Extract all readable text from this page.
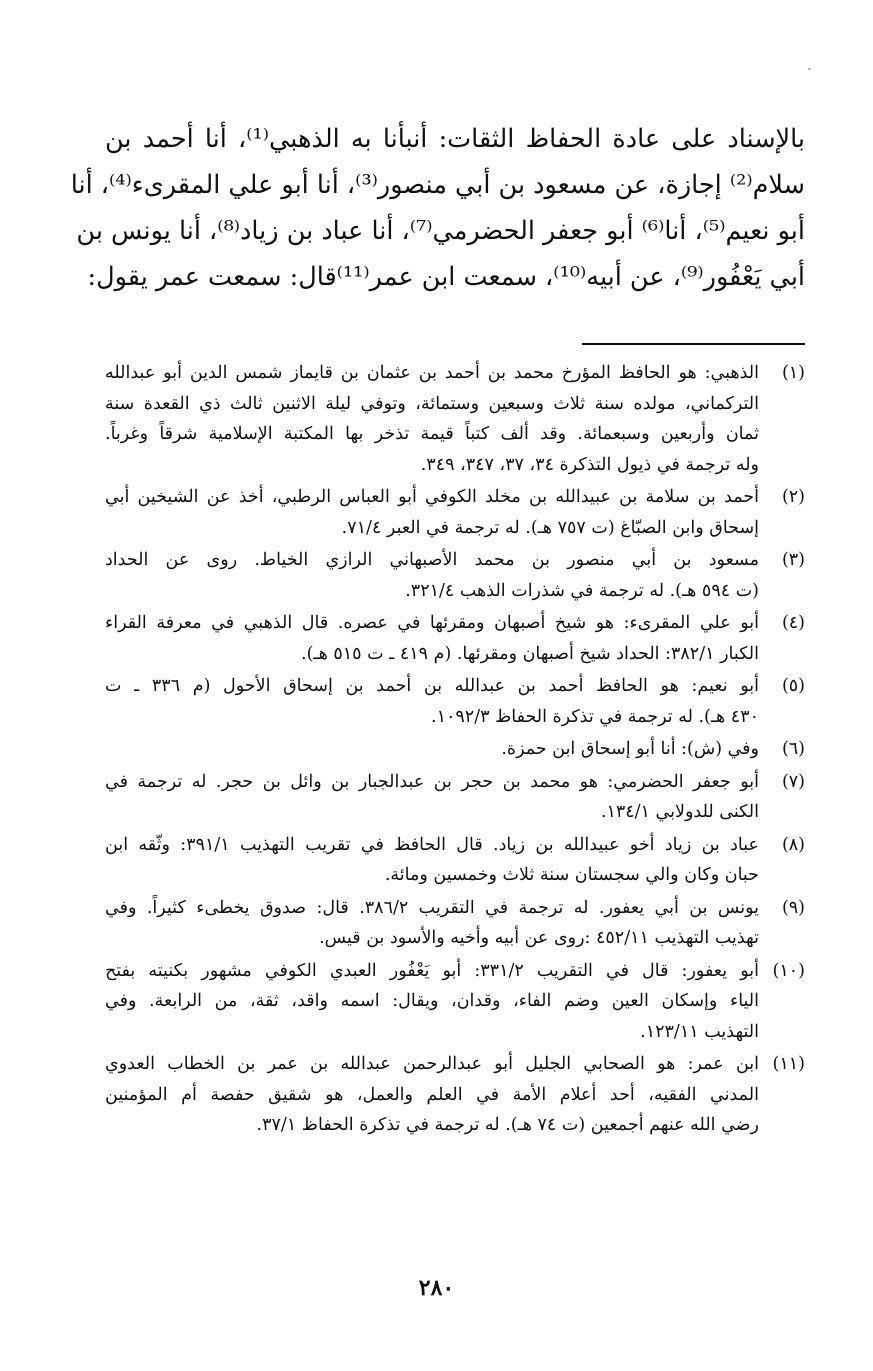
بالإسناد على عادة الحفاظ الثقات: أنبأنا به الذهبي⁽¹⁾، أنا أحمد بن
سلام⁽²⁾ إجازة، عن مسعود بن أبي منصور⁽³⁾، أنا أبو علي المقرىء⁽⁴⁾، أنا
أبو نعيم⁽⁵⁾، أنا⁽⁶⁾ أبو جعفر الحضرمي⁽⁷⁾، أنا عباد بن زياد⁽⁸⁾، أنا يونس بن
أبي يَعْفُور⁽⁹⁾، عن أبيه⁽¹⁰⁾، سمعت ابن عمر⁽¹¹⁾قال: سمعت عمر يقول:
(١)
الذهبي: هو الحافظ المؤرخ محمد بن أحمد بن عثمان بن قايماز شمس الدين أبو عبدالله
التركماني، مولده سنة ثلاث وسبعين وستمائة، وتوفي ليلة الاثنين ثالث ذي القعدة سنة
ثمان وأربعين وسبعمائة. وقد ألف كتباً قيمة تذخر بها المكتبة الإسلامية شرقاً وغرباً.
وله ترجمة في ذيول التذكرة ٣٤، ٣٧، ٣٤٧، ٣٤٩.
(٢)
أحمد بن سلامة بن عبيدالله بن مخلد الكوفي أبو العباس الرطبي، أخذ عن الشيخين أبي
إسحاق وابن الصبّاغ (ت ٧٥٧ هـ). له ترجمة في العبر ٧١/٤.
(٣)
مسعود بن أبي منصور بن محمد الأصبهاني الرازي الخياط. روى عن الحداد
(ت ٥٩٤ هـ). له ترجمة في شذرات الذهب ٣٢١/٤.
(٤)
أبو علي المقرىء: هو شيخ أصبهان ومقرئها في عصره. قال الذهبي في معرفة القراء
الكبار ٣٨٢/١: الحداد شيخ أصبهان ومقرئها. (م ٤١٩ ـ ت ٥١٥ هـ).
(٥)
أبو نعيم: هو الحافظ أحمد بن عبدالله بن أحمد بن إسحاق الأحول (م ٣٣٦ ـ ت
٤٣٠ هـ). له ترجمة في تذكرة الحفاظ ١٠٩٢/٣.
(٦)
وفي (ش): أنا أبو إسحاق ابن حمزة.
(٧)
أبو جعفر الحضرمي: هو محمد بن حجر بن عبدالجبار بن وائل بن حجر. له ترجمة في
الكنى للدولابي ١٣٤/١.
(٨)
عباد بن زياد أخو عبيدالله بن زياد. قال الحافظ في تقريب التهذيب ٣٩١/١: وثّقه ابن
حبان وكان والي سجستان سنة ثلاث وخمسين ومائة.
(٩)
يونس بن أبي يعفور. له ترجمة في التقريب ٣٨٦/٢. قال: صدوق يخطىء كثيراً. وفي
تهذيب التهذيب ٤٥٢/١١ :روى عن أبيه وأخيه والأسود بن قيس.
(١٠)
أبو يعفور: قال في التقريب ٣٣١/٢: أبو يَعْفُور العبدي الكوفي مشهور بكنيته بفتح
الياء وإسكان العين وضم الفاء، وقدان، ويقال: اسمه واقد، ثقة، من الرابعة. وفي
التهذيب ١٢٣/١١.
(١١)
ابن عمر: هو الصحابي الجليل أبو عبدالرحمن عبدالله بن عمر بن الخطاب العدوي
المدني الفقيه، أحد أعلام الأمة في العلم والعمل، هو شقيق حفصة أم المؤمنين
رضي الله عنهم أجمعين (ت ٧٤ هـ). له ترجمة في تذكرة الحفاظ ٣٧/١.
٢٨٠
